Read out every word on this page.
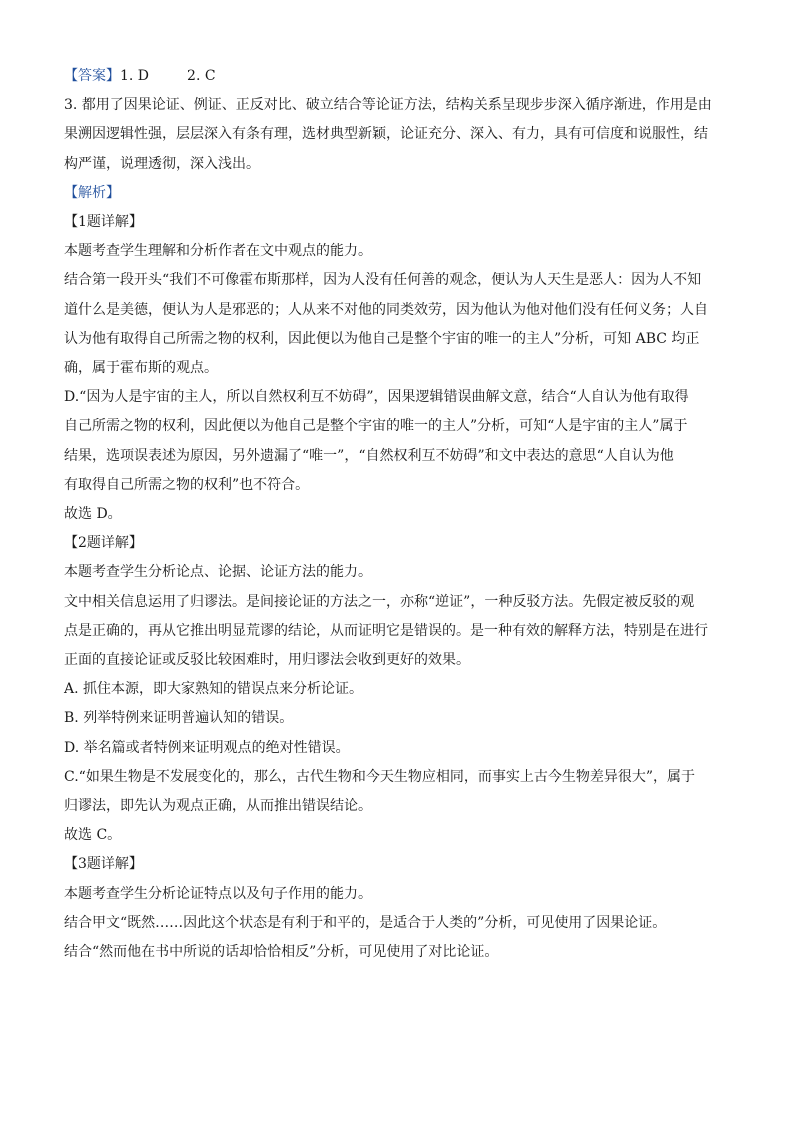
【答案】1. D	2. C

3. 都用了因果论证、例证、正反对比、破立结合等论证方法，结构关系呈现步步深入循序渐进，作用是由

果溯因逻辑性强，层层深入有条有理，选材典型新颖，论证充分、深入、有力，具有可信度和说服性，结

构严谨，说理透彻，深入浅出。

【解析】

【1题详解】

本题考查学生理解和分析作者在文中观点的能力。

结合第一段开头“我们不可像霍布斯那样，因为人没有任何善的观念，便认为人天生是恶人：因为人不知

道什么是美德，便认为人是邪恶的；人从来不对他的同类效劳，因为他认为他对他们没有任何义务；人自

认为他有取得自己所需之物的权利，因此便以为他自己是整个宇宙的唯一的主人”分析，可知 ABC 均正

确，属于霍布斯的观点。

D.“因为人是宇宙的主人，所以自然权利互不妨碍”，因果逻辑错误曲解文意，结合“人自认为他有取得

自己所需之物的权利，因此便以为他自己是整个宇宙的唯一的主人”分析，可知“人是宇宙的主人”属于

结果，选项误表述为原因，另外遗漏了“唯一”，“自然权利互不妨碍”和文中表达的意思“人自认为他

有取得自己所需之物的权利”也不符合。

故选 D。

【2题详解】

本题考查学生分析论点、论据、论证方法的能力。

文中相关信息运用了归谬法。是间接论证的方法之一，亦称“逆证”，一种反驳方法。先假定被反驳的观

点是正确的，再从它推出明显荒谬的结论，从而证明它是错误的。是一种有效的解释方法，特别是在进行

正面的直接论证或反驳比较困难时，用归谬法会收到更好的效果。

A. 抓住本源，即大家熟知的错误点来分析论证。

B. 列举特例来证明普遍认知的错误。

D. 举名篇或者特例来证明观点的绝对性错误。

C.“如果生物是不发展变化的，那么，古代生物和今天生物应相同，而事实上古今生物差异很大”，属于

归谬法，即先认为观点正确，从而推出错误结论。

故选 C。

【3题详解】

本题考查学生分析论证特点以及句子作用的能力。

结合甲文“既然……因此这个状态是有利于和平的，是适合于人类的”分析，可见使用了因果论证。

结合“然而他在书中所说的话却恰恰相反”分析，可见使用了对比论证。
